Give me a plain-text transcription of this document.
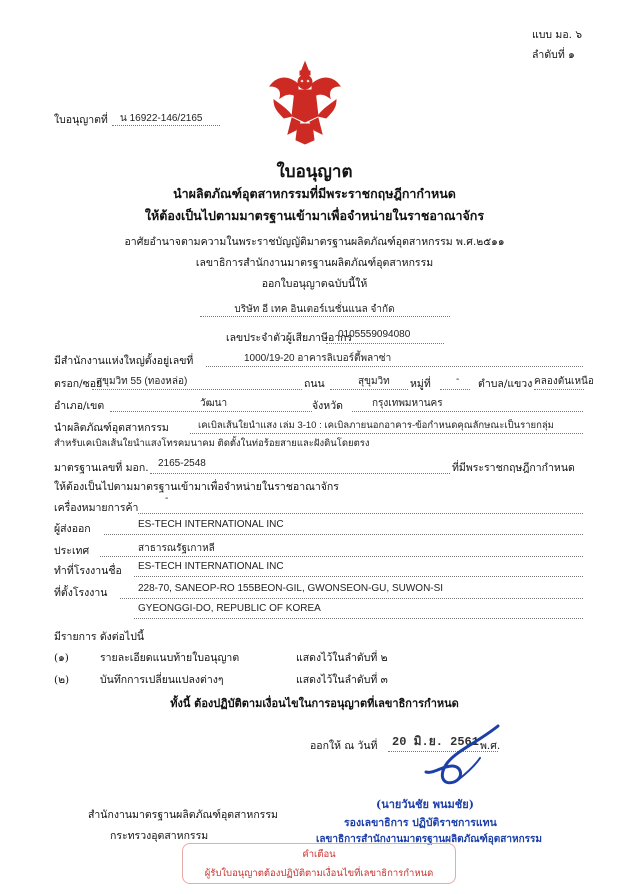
แบบ มอ. ๖
ลำดับที่ ๑
ใบอนุญาตที่ น 16922-146/2165
ใบอนุญาต
นำผลิตภัณฑ์อุตสาหกรรมที่มีพระราชกฤษฎีกากำหนด
ให้ต้องเป็นไปตามมาตรฐานเข้ามาเพื่อจำหน่ายในราชอาณาจักร
อาศัยอำนาจตามความในพระราชบัญญัติมาตรฐานผลิตภัณฑ์อุตสาหกรรม พ.ศ.๒๕๑๑
เลขาธิการสำนักงานมาตรฐานผลิตภัณฑ์อุตสาหกรรม
ออกใบอนุญาตฉบับนี้ให้
บริษัท อี เทค อินเตอร์เนชั่นแนล จำกัด
เลขประจำตัวผู้เสียภาษีอากร
0105559094080
มีสำนักงานแห่งใหญ่ตั้งอยู่เลขที่	1000/19-20 อาคารลิเบอร์ตี้พลาซ่า
ตรอก/ซอย
สุขุมวิท 55 (ทองหล่อ)	ถนน	สุขุมวิท หมู่ที่	- ตำบล/แขวง คลองตันเหนือ
อำเภอ/เขต	วัฒนา	จังหวัด	กรุงเทพมหานคร
นำผลิตภัณฑ์อุตสาหกรรม	เคเบิลเส้นใยนำแสง เล่ม 3-10 : เคเบิลภายนอกอาคาร-ข้อกำหนดคุณลักษณะเป็นรายกลุ่ม
สำหรับเคเบิลเส้นใยนำแสงโทรคมนาคม ติดตั้งในท่อร้อยสายและฝังดินโดยตรง
มาตรฐานเลขที่ มอก. 2165-2548	ที่มีพระราชกฤษฎีกากำหนด
ให้ต้องเป็นไปตามมาตรฐานเข้ามาเพื่อจำหน่ายในราชอาณาจักร
เครื่องหมายการค้า
-
ผู้ส่งออก	ES-TECH INTERNATIONAL INC
ประเทศ	สาธารณรัฐเกาหลี
ทำที่โรงงานชื่อ ES-TECH INTERNATIONAL INC
ที่ตั้งโรงงาน	228-70, SANEOP-RO 155BEON-GIL, GWONSEON-GU, SUWON-SI
GYEONGGI-DO, REPUBLIC OF KOREA
มีรายการ ดังต่อไปนี้
(๑)	รายละเอียดแนบท้ายใบอนุญาต	แสดงไว้ในลำดับที่ ๒
(๒)	บันทึกการเปลี่ยนแปลงต่างๆ	แสดงไว้ในลำดับที่ ๓
ทั้งนี้ ต้องปฏิบัติตามเงื่อนไขในการอนุญาตที่เลขาธิการกำหนด
ออกให้ ณ วันที่ 20 มิ.ย. 2561 พ.ศ.
(นายวันชัย พนมชัย)
รองเลขาธิการ ปฏิบัติราชการแทน
เลขาธิการสำนักงานมาตรฐานผลิตภัณฑ์อุตสาหกรรม
สำนักงานมาตรฐานผลิตภัณฑ์อุตสาหกรรม
กระทรวงอุตสาหกรรม
คำเตือน
ผู้รับใบอนุญาตต้องปฏิบัติตามเงื่อนไขที่เลขาธิการกำหนด
